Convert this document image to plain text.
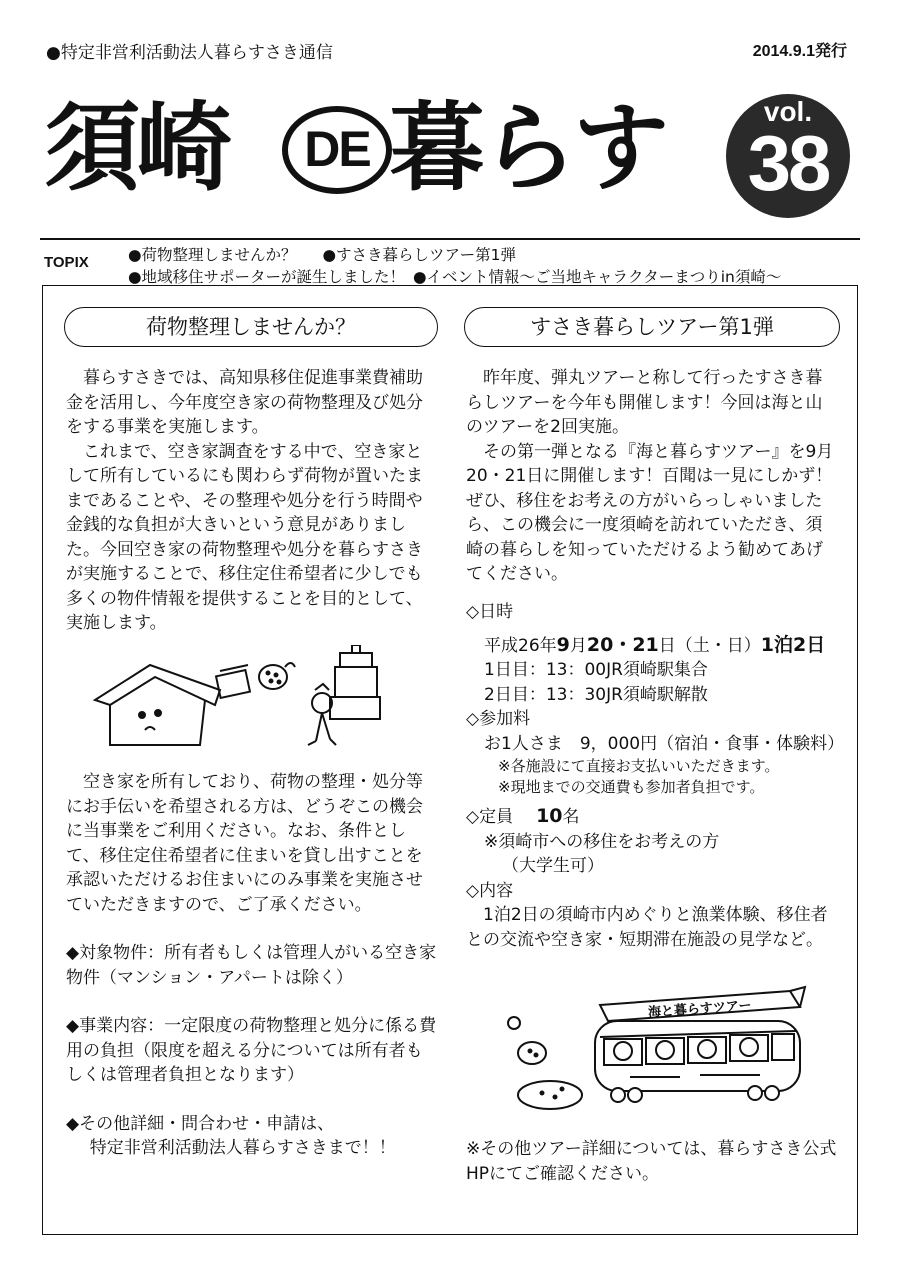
●特定非営利活動法人暮らすさき通信	2014.9.1発行
須崎	DE 暮らす	vol.
38
TOPIX	●荷物整理しませんか？ ●すさき暮らしツアー第1弾
●地域移住サポーターが誕生しました！ ●イベント情報～ご当地キャラクターまつりin須崎～
荷物整理しませんか？

暮らすさきでは、高知県移住促進事業費補助金を活用し、今年度空き家の荷物整理及び処分をする事業を実施します。

これまで、空き家調査をする中で、空き家として所有しているにも関わらず荷物が置いたままであることや、その整理や処分を行う時間や金銭的な負担が大きいという意見がありました。今回空き家の荷物整理や処分を暮らすさきが実施することで、移住定住希望者に少しでも多くの物件情報を提供することを目的として、実施します。

空き家を所有しており、荷物の整理・処分等にお手伝いを希望される方は、どうぞこの機会に当事業をご利用ください。なお、条件として、移住定住希望者に住まいを貸し出すことを承認いただけるお住まいにのみ事業を実施させていただきますので、ご了承ください。

◆対象物件：所有者もしくは管理人がいる空き家物件（マンション・アパートは除く）

◆事業内容：一定限度の荷物整理と処分に係る費用の負担（限度を超える分については所有者もしくは管理者負担となります）

◆その他詳細・問合わせ・申請は、

特定非営利活動法人暮らすさきまで！！

すさき暮らしツアー第1弾

昨年度、弾丸ツアーと称して行ったすさき暮らしツアーを今年も開催します！今回は海と山のツアーを2回実施。

その第一弾となる『海と暮らすツアー』を9月20・21日に開催します！百聞は一見にしかず！ぜひ、移住をお考えの方がいらっしゃいましたら、この機会に一度須崎を訪れていただき、須崎の暮らしを知っていただけるよう勧めてあげてください。

◇日時

平成26年9月20・21日（土・日）1泊2日

1日目：13：00JR須崎駅集合

2日目：13：30JR須崎駅解散

◇参加料

お1人さま　9，000円（宿泊・食事・体験料）

※各施設にて直接お支払いいただきます。

※現地までの交通費も参加者負担です。

◇定員　 10名

※須崎市への移住をお考えの方

（大学生可）

◇内容

1泊2日の須崎市内めぐりと漁業体験、移住者との交流や空き家・短期滞在施設の見学など。

海と暮らすツアー
※その他ツアー詳細については、暮らすさき公式HPにてご確認ください。
